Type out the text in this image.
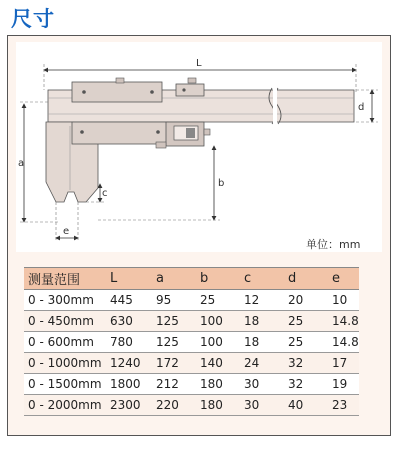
尺寸
L
d
a
b
c
e
单位：mm
测量范围	L	a	b	c	d	e
0 - 300mm	445	95	25	12	20	10
0 - 450mm	630	125	100	18	25	14.8
0 - 600mm	780	125	100	18	25	14.8
0 - 1000mm	1240	172	140	24	32	17
0 - 1500mm	1800	212	180	30	32	19
0 - 2000mm	2300	220	180	30	40	23
